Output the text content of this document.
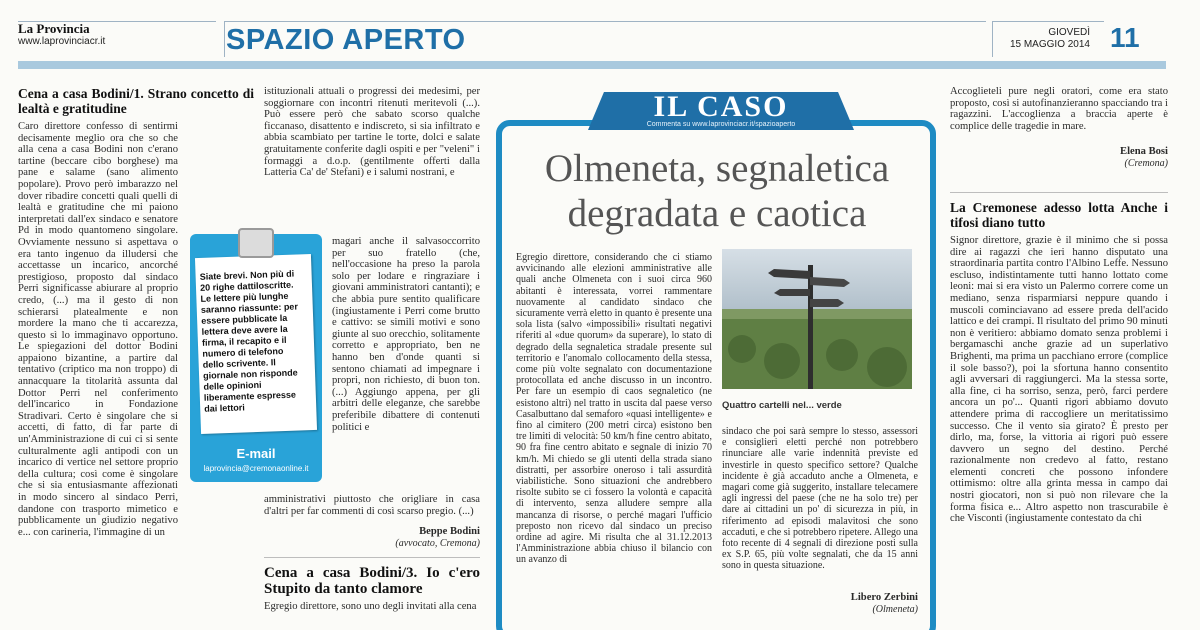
La Provincia
www.laprovinciacr.it	SPAZIO APERTO	GIOVEDÌ
15 MAGGIO 2014 11
Cena a casa Bodini/1. Strano concetto di lealtà e gratitudine
Caro direttore confesso di sentirmi decisamente meglio ora che so che alla cena a casa Bodini non c'erano tartine (beccare cibo borghese) ma pane e salame (sano alimento popolare). Provo però imbarazzo nel dover ribadire concetti quali quelli di lealtà e gratitudine che mi paiono interpretati dall'ex sindaco e senatore Pd in modo quantomeno singolare. Ovviamente nessuno si aspettava o era tanto ingenuo da illudersi che accettasse un incarico, ancorché prestigioso, proposto dal sindaco Perri significasse abiurare al proprio credo, (...) ma il gesto di non schierarsi platealmente e non mordere la mano che ti accarezza, questo sì lo immaginavo opportuno. Le spiegazioni del dottor Bodini appaiono bizantine, a partire dal tentativo (criptico ma non troppo) di annacquare la titolarità assunta dal Dottor Perri nel conferimento dell'incarico in Fondazione Stradivari. Certo è singolare che si accetti, di fatto, di far parte di un'Amministrazione di cui ci si sente culturalmente agli antipodi con un incarico di vertice nel settore proprio della cultura; così come è singolare che si sia entusiasmante affezionati in modo sincero al sindaco Perri, dandone con trasporto mimetico e pubblicamente un giudizio negativo e... con carineria, l'immagine di un
istituzionali attuali o progressi dei medesimi, per soggiornare con incontri ritenuti meritevoli (...). Può essere però che sabato scorso qualche ficcanaso, disattento e indiscreto, si sia infiltrato e abbia scambiato per tartine le torte, dolci e salate gratuitamente conferite dagli ospiti e per "veleni" i formaggi a d.o.p. (gentilmente offerti dalla Latteria Ca' de' Stefani) e i salumi nostrani, e
magari anche il salvasoccorrito per suo fratello (che, nell'occasione ha preso la parola solo per lodare e ringraziare i giovani amministratori cantanti); e che abbia pure sentito qualificare (ingiustamente i Perri come brutto e cattivo: se simili motivi e sono giunte al suo orecchio, solitamente corretto e appropriato, ben ne hanno ben d'onde quanti si sentono chiamati ad impegnare i propri, non richiesto, di buon ton. (...) Aggiungo appena, per gli arbitri delle eleganze, che sarebbe preferibile dibattere di contenuti politici e
amministrativi piuttosto che origliare in casa d'altri per far commenti di così scarso pregio. (...)
Beppe Bodini
(avvocato, Cremona)
Cena a casa Bodini/3. Io c'ero Stupito da tanto clamore
Egregio direttore, sono uno degli invitati alla cena
Siate brevi. Non più di 20 righe dattiloscritte. Le lettere più lunghe saranno riassunte: per essere pubblicate la lettera deve avere la firma, il recapito e il numero di telefono dello scrivente. Il giornale non risponde delle opinioni liberamente espresse dai lettori
E-mail
laprovincia@cremonaonline.it
IL CASO
Commenta su www.laprovinciacr.it/spazioaperto
Olmeneta, segnaletica degradata e caotica
Egregio direttore, considerando che ci stiamo avvicinando alle elezioni amministrative alle quali anche Olmeneta con i suoi circa 960 abitanti è interessata, vorrei rammentare nuovamente al candidato sindaco che sicuramente verrà eletto in quanto è presente una sola lista (salvo «impossibili» risultati negativi riferiti al «due quorum» da superare), lo stato di degrado della segnaletica stradale presente sul territorio e l'anomalo collocamento della stessa, come più volte segnalato con documentazione protocollata ed anche discusso in un incontro. Per fare un esempio di caos segnaletico (ne esistono altri) nel tratto in uscita dal paese verso Casalbuttano dal semaforo «quasi intelligente» e fino al cimitero (200 metri circa) esistono ben tre limiti di velocità: 50 km/h fine centro abitato, 90 fra fine centro abitato e segnale di inizio 70 km/h. Mi chiedo se gli utenti della strada siano distratti, per assorbire oneroso i tali assurdità viabilistiche. Sono situazioni che andrebbero risolte subito se ci fossero la volontà e capacità di intervento, senza alludere sempre alla mancanza di risorse, o perché magari l'ufficio preposto non ricevo dal sindaco un preciso ordine ad agire. Mi risulta che al 31.12.2013 l'Amministrazione abbia chiuso il bilancio con un avanzo di
Quattro cartelli nel... verde
sindaco che poi sarà sempre lo stesso, assessori e consiglieri eletti perché non potrebbero rinunciare alle varie indennità previste ed investirle in questo specifico settore? Qualche incidente è già accaduto anche a Olmeneta, e magari come già suggerito, installare telecamere agli ingressi del paese (che ne ha solo tre) per dare ai cittadini un po' di sicurezza in più, in riferimento ad episodi malavitosi che sono accaduti, e che si potrebbero ripetere. Allego una foto recente di 4 segnali di direzione posti sulla ex S.P. 65, più volte segnalati, che da 15 anni sono in questa situazione.
Libero Zerbini
(Olmeneta)
Accoglieteli pure negli oratori, come era stato proposto, così si autofinanzieranno spacciando tra i ragazzini. L'accoglienza a braccia aperte è complice delle tragedie in mare.
Elena Bosi
(Cremona)
La Cremonese adesso lotta Anche i tifosi diano tutto
Signor direttore, grazie è il minimo che si possa dire ai ragazzi che ieri hanno disputato una straordinaria partita contro l'Albino Leffe. Nessuno escluso, indistintamente tutti hanno lottato come leoni: mai si era visto un Palermo correre come un mediano, senza risparmiarsi neppure quando i muscoli cominciavano ad essere preda dell'acido lattico e dei crampi. Il risultato del primo 90 minuti non è veritiero: abbiamo domato senza problemi i bergamaschi anche grazie ad un superlativo Brighenti, ma prima un pacchiano errore (complice il sole basso?), poi la sfortuna hanno consentito agli avversari di raggiungerci. Ma la stessa sorte, alla fine, ci ha sorriso, senza, però, farci perdere ancora un po'... Quanti rigori abbiamo dovuto attendere prima di raccogliere un meritatissimo successo. Che il vento sia girato? È presto per dirlo, ma, forse, la vittoria ai rigori può essere davvero un segno del destino. Perché razionalmente non credevo al fatto, restano elementi concreti che possono infondere ottimismo: oltre alla grinta messa in campo dai nostri giocatori, non si può non rilevare che la forma fisica e... Altro aspetto non trascurabile è che Visconti (ingiustamente contestato da chi
